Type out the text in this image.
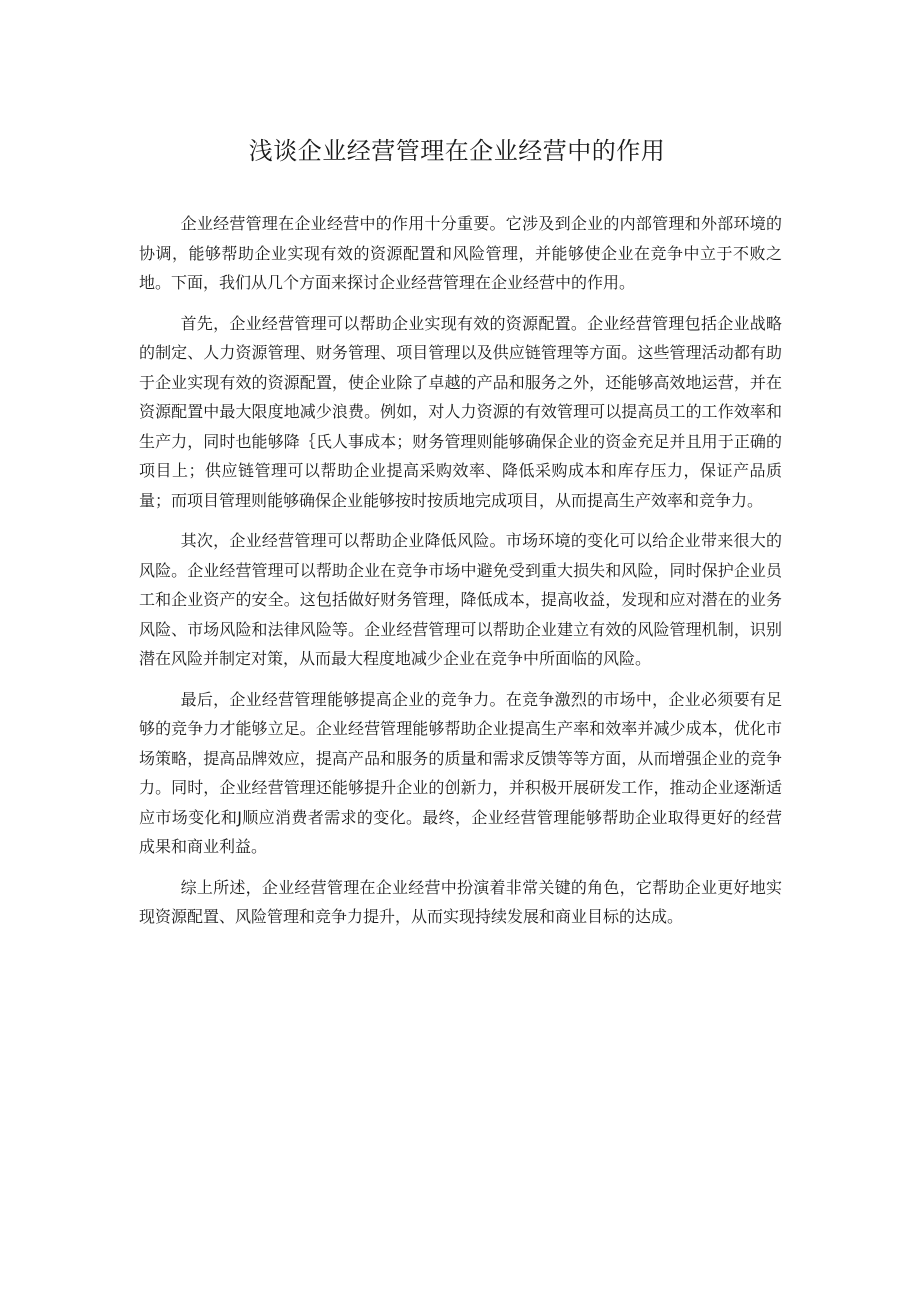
浅谈企业经营管理在企业经营中的作用

企业经营管理在企业经营中的作用十分重要。它涉及到企业的内部管理和外部环境的协调，能够帮助企业实现有效的资源配置和风险管理，并能够使企业在竞争中立于不败之地。下面，我们从几个方面来探讨企业经营管理在企业经营中的作用。

首先，企业经营管理可以帮助企业实现有效的资源配置。企业经营管理包括企业战略的制定、人力资源管理、财务管理、项目管理以及供应链管理等方面。这些管理活动都有助于企业实现有效的资源配置，使企业除了卓越的产品和服务之外，还能够高效地运营，并在资源配置中最大限度地减少浪费。例如，对人力资源的有效管理可以提高员工的工作效率和生产力，同时也能够降｛氏人事成本；财务管理则能够确保企业的资金充足并且用于正确的项目上；供应链管理可以帮助企业提高采购效率、降低采购成本和库存压力，保证产品质量；而项目管理则能够确保企业能够按时按质地完成项目，从而提高生产效率和竞争力。

其次，企业经营管理可以帮助企业降低风险。市场环境的变化可以给企业带来很大的风险。企业经营管理可以帮助企业在竞争市场中避免受到重大损失和风险，同时保护企业员工和企业资产的安全。这包括做好财务管理，降低成本，提高收益，发现和应对潜在的业务风险、市场风险和法律风险等。企业经营管理可以帮助企业建立有效的风险管理机制，识别潜在风险并制定对策，从而最大程度地减少企业在竞争中所面临的风险。

最后，企业经营管理能够提高企业的竞争力。在竞争激烈的市场中，企业必须要有足够的竞争力才能够立足。企业经营管理能够帮助企业提高生产率和效率并减少成本，优化市场策略，提高品牌效应，提高产品和服务的质量和需求反馈等等方面，从而增强企业的竞争力。同时，企业经营管理还能够提升企业的创新力，并积极开展研发工作，推动企业逐渐适应市场变化和J顺应消费者需求的变化。最终，企业经营管理能够帮助企业取得更好的经营成果和商业利益。

综上所述，企业经营管理在企业经营中扮演着非常关键的角色，它帮助企业更好地实现资源配置、风险管理和竞争力提升，从而实现持续发展和商业目标的达成。
